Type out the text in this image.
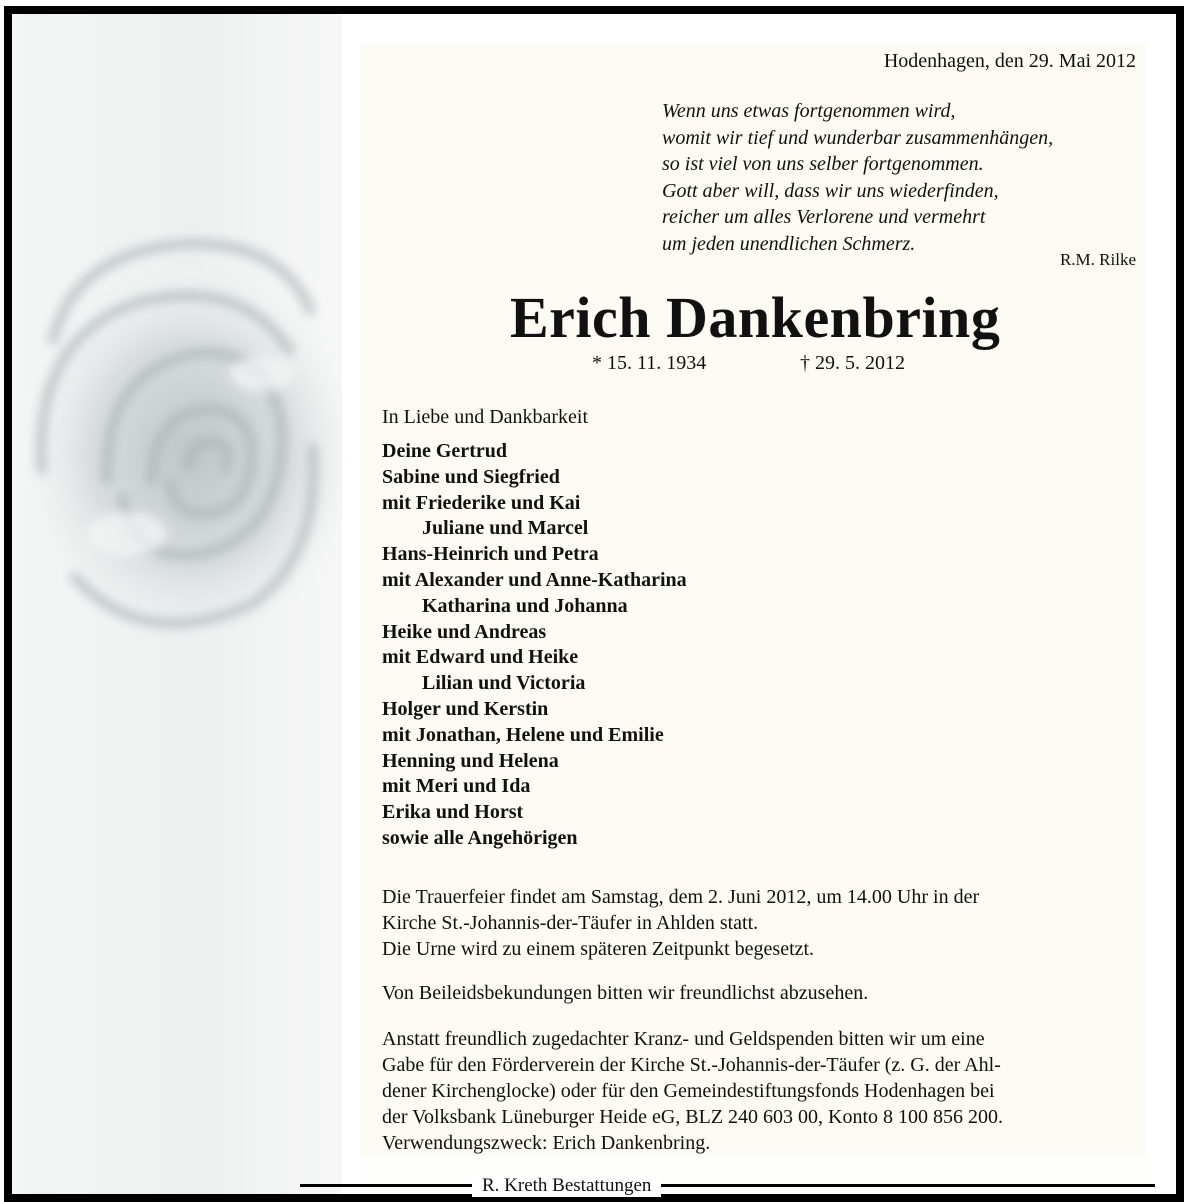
Hodenhagen, den 29. Mai 2012
Wenn uns etwas fortgenommen wird,
womit wir tief und wunderbar zusammenhängen,
so ist viel von uns selber fortgenommen.
Gott aber will, dass wir uns wiederfinden,
reicher um alles Verlorene und vermehrt
um jeden unendlichen Schmerz.
R.M. Rilke
Erich Dankenbring
* 15. 11. 1934	† 29. 5. 2012
In Liebe und Dankbarkeit
Deine Gertrud
Sabine und Siegfried
mit Friederike und Kai
Juliane und Marcel
Hans-Heinrich und Petra
mit Alexander und Anne-Katharina
Katharina und Johanna
Heike und Andreas
mit Edward und Heike
Lilian und Victoria
Holger und Kerstin
mit Jonathan, Helene und Emilie
Henning und Helena
mit Meri und Ida
Erika und Horst
sowie alle Angehörigen
Die Trauerfeier findet am Samstag, dem 2. Juni 2012, um 14.00 Uhr in der
Kirche St.-Johannis-der-Täufer in Ahlden statt.
Die Urne wird zu einem späteren Zeitpunkt begesetzt.
Von Beileidsbekundungen bitten wir freundlichst abzusehen.
Anstatt freundlich zugedachter Kranz- und Geldspenden bitten wir um eine
Gabe für den Förderverein der Kirche St.-Johannis-der-Täufer (z. G. der Ahl-
dener Kirchenglocke) oder für den Gemeindestiftungsfonds Hodenhagen bei
der Volksbank Lüneburger Heide eG, BLZ 240 603 00, Konto 8 100 856 200.
Verwendungszweck: Erich Dankenbring.
R. Kreth Bestattungen
